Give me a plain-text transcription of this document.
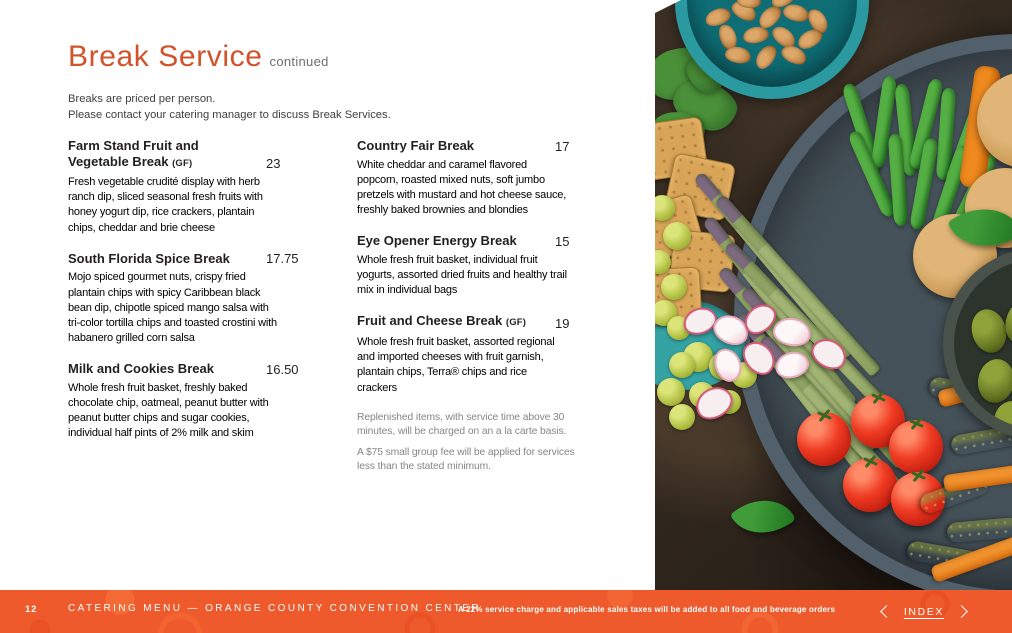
Break Service continued

Breaks are priced per person.

Please contact your catering manager to discuss Break Services.

Farm Stand Fruit and Vegetable Break (GF)	23

Fresh vegetable crudité display with herb ranch dip, sliced seasonal fresh fruits with honey yogurt dip, rice crackers, plantain chips, cheddar and brie cheese

South Florida Spice Break	17.75

Mojo spiced gourmet nuts, crispy fried plantain chips with spicy Caribbean black bean dip, chipotle spiced mango salsa with tri-color tortilla chips and toasted crostini with habanero grilled corn salsa

Milk and Cookies Break	16.50

Whole fresh fruit basket, freshly baked chocolate chip, oatmeal, peanut butter with peanut butter chips and sugar cookies, individual half pints of 2% milk and skim

Country Fair Break	17

White cheddar and caramel flavored popcorn, roasted mixed nuts, soft jumbo pretzels with mustard and hot cheese sauce, freshly baked brownies and blondies

Eye Opener Energy Break	15

Whole fresh fruit basket, individual fruit yogurts, assorted dried fruits and healthy trail mix in individual bags

Fruit and Cheese Break (GF)	19

Whole fresh fruit basket, assorted regional and imported cheeses with fruit garnish, plantain chips, Terra® chips and rice crackers

Replenished items, with service time above 30 minutes, will be charged on an a la carte basis.

A $75 small group fee will be applied for services less than the stated minimum.

12	CATERING MENU — ORANGE COUNTY CONVENTION CENTER
A 22% service charge and applicable sales taxes will be added to all food and beverage orders	INDEX
